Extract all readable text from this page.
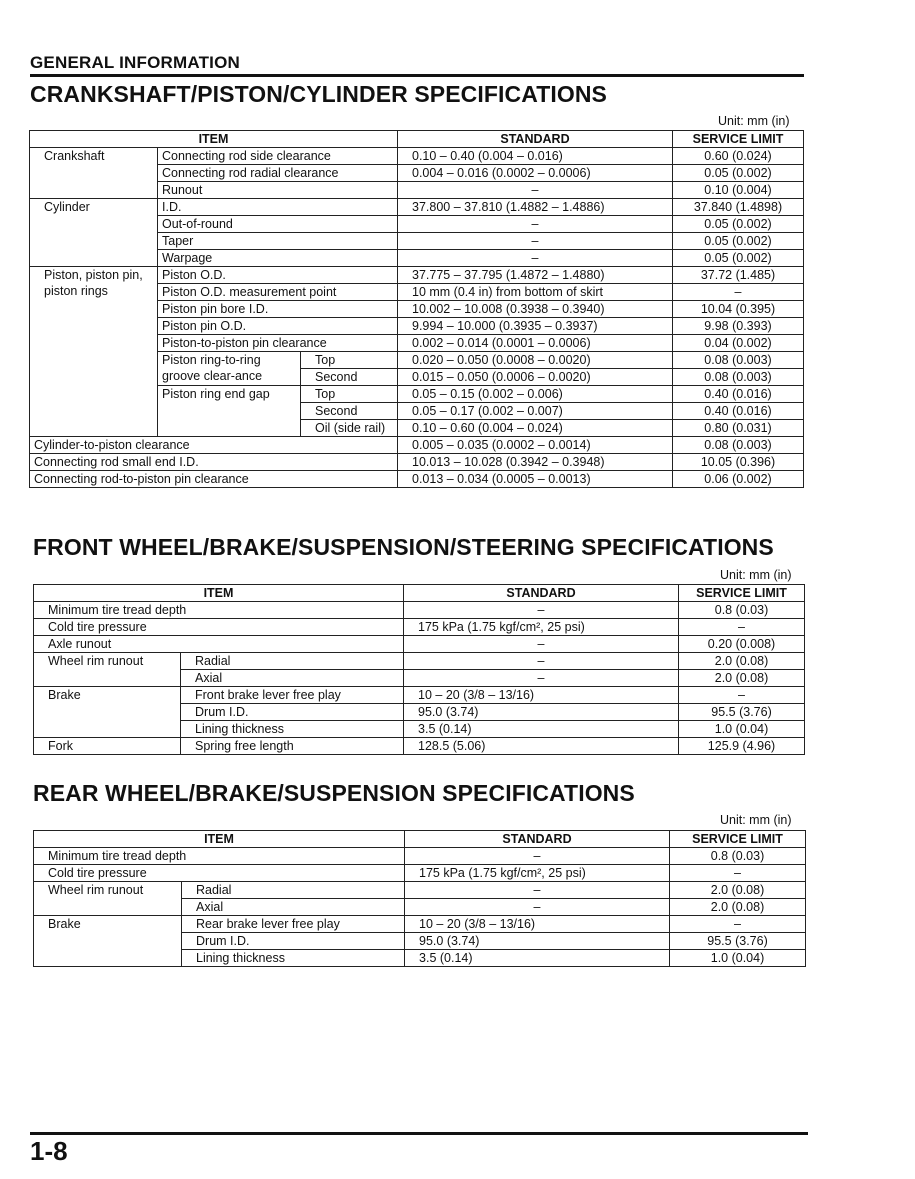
GENERAL INFORMATION
CRANKSHAFT/PISTON/CYLINDER SPECIFICATIONS
Unit: mm (in)
ITEM			STANDARD	SERVICE LIMIT
Crankshaft	Connecting rod side clearance		0.10 – 0.40 (0.004 – 0.016)	0.60 (0.024)
	Connecting rod radial clearance		0.004 – 0.016 (0.0002 – 0.0006)	0.05 (0.002)
	Runout		–	0.10 (0.004)
Cylinder	I.D.		37.800 – 37.810 (1.4882 – 1.4886)	37.840 (1.4898)
	Out-of-round		–	0.05 (0.002)
	Taper		–	0.05 (0.002)
	Warpage		–	0.05 (0.002)
Piston, piston pin, piston rings	Piston O.D.		37.775 – 37.795 (1.4872 – 1.4880)	37.72 (1.485)
	Piston O.D. measurement point		10 mm (0.4 in) from bottom of skirt	–
	Piston pin bore I.D.		10.002 – 10.008 (0.3938 – 0.3940)	10.04 (0.395)
	Piston pin O.D.		9.994 – 10.000 (0.3935 – 0.3937)	9.98 (0.393)
	Piston-to-piston pin clearance		0.002 – 0.014 (0.0001 – 0.0006)	0.04 (0.002)
	Piston ring-to-ring groove clear-ance	Top	0.020 – 0.050 (0.0008 – 0.0020)	0.08 (0.003)
		Second	0.015 – 0.050 (0.0006 – 0.0020)	0.08 (0.003)

	Piston ring end gap	Top	0.05 – 0.15 (0.002 – 0.006)	0.40 (0.016)
		Second	0.05 – 0.17 (0.002 – 0.007)	0.40 (0.016)
		Oil (side rail)	0.10 – 0.60 (0.004 – 0.024)	0.80 (0.031)

Cylinder-to-piston clearance			0.005 – 0.035 (0.0002 – 0.0014)	0.08 (0.003)
Connecting rod small end I.D.			10.013 – 10.028 (0.3942 – 0.3948)	10.05 (0.396)
Connecting rod-to-piston pin clearance			0.013 – 0.034 (0.0005 – 0.0013)	0.06 (0.002)
FRONT WHEEL/BRAKE/SUSPENSION/STEERING SPECIFICATIONS
Unit: mm (in)
ITEM		STANDARD	SERVICE LIMIT
Minimum tire tread depth		–	0.8 (0.03)
Cold tire pressure		175 kPa (1.75 kgf/cm², 25 psi)	–
Axle runout		–	0.20 (0.008)
Wheel rim runout	Radial	–	2.0 (0.08)
	Axial	–	2.0 (0.08)
Brake	Front brake lever free play	10 – 20 (3/8 – 13/16)	–
	Drum I.D.	95.0 (3.74)	95.5 (3.76)
	Lining thickness	3.5 (0.14)	1.0 (0.04)
Fork	Spring free length	128.5 (5.06)	125.9 (4.96)
REAR WHEEL/BRAKE/SUSPENSION SPECIFICATIONS
Unit: mm (in)
ITEM		STANDARD	SERVICE LIMIT
Minimum tire tread depth		–	0.8 (0.03)
Cold tire pressure		175 kPa (1.75 kgf/cm², 25 psi)	–
Wheel rim runout	Radial	–	2.0 (0.08)
	Axial	–	2.0 (0.08)
Brake	Rear brake lever free play	10 – 20 (3/8 – 13/16)	–
	Drum I.D.	95.0 (3.74)	95.5 (3.76)
	Lining thickness	3.5 (0.14)	1.0 (0.04)
1-8
